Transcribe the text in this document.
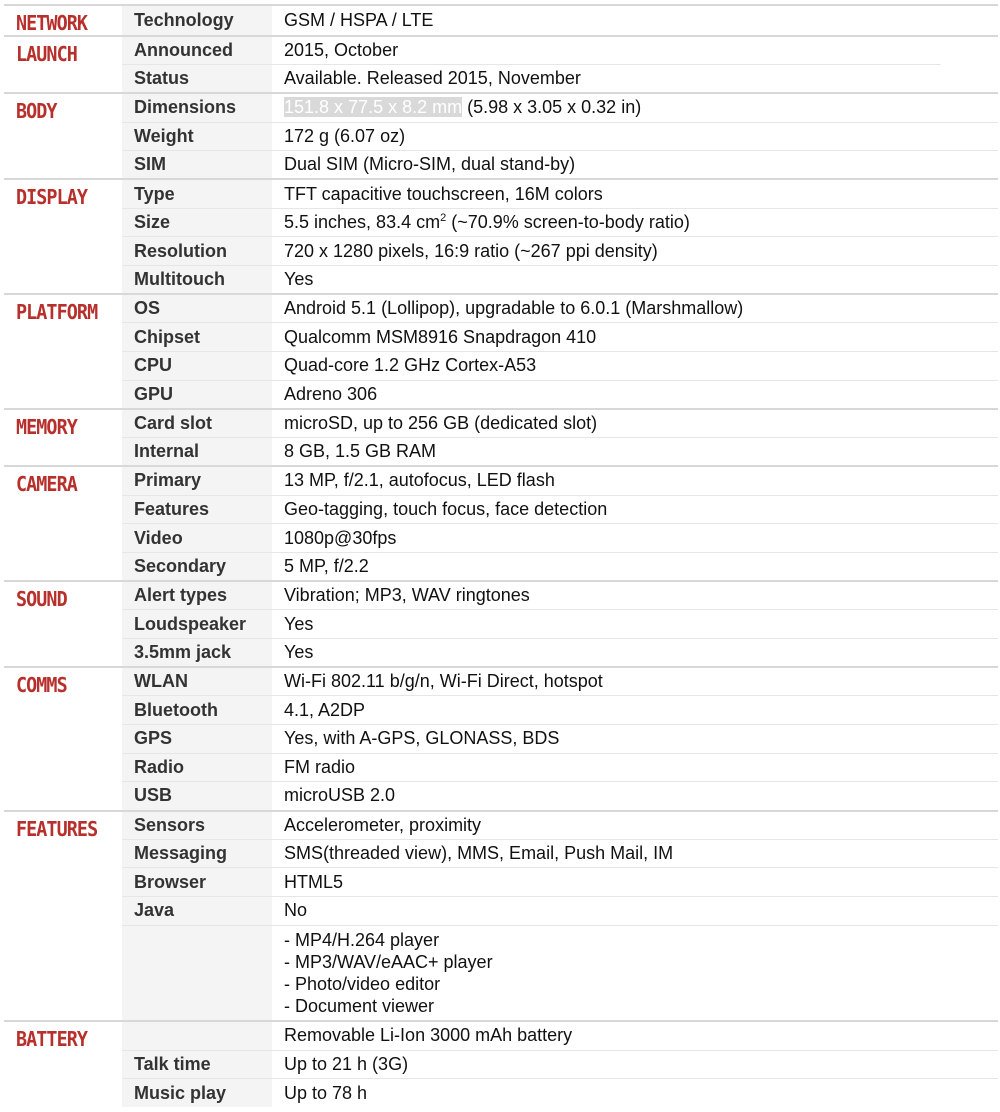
NETWORK	Technology	GSM / HSPA / LTE
LAUNCH	Announced	2015, October
	Status	Available. Released 2015, November
BODY	Dimensions	151.8 x 77.5 x 8.2 mm (5.98 x 3.05 x 0.32 in)
	Weight	172 g (6.07 oz)
	SIM	Dual SIM (Micro-SIM, dual stand-by)
DISPLAY	Type	TFT capacitive touchscreen, 16M colors
	Size	5.5 inches, 83.4 $cm^2$ (~70.9% screen-to-body ratio)
	Resolution	720 x 1280 pixels, 16:9 ratio (~267 ppi density)
	Multitouch	Yes
PLATFORM	OS	Android 5.1 (Lollipop), upgradable to 6.0.1 (Marshmallow)
	Chipset	Qualcomm MSM8916 Snapdragon 410
	CPU	Quad-core 1.2 GHz Cortex-A53
	GPU	Adreno 306
MEMORY	Card slot	microSD, up to 256 GB (dedicated slot)
	Internal	8 GB, 1.5 GB RAM
CAMERA	Primary	13 MP, f/2.1, autofocus, LED flash
	Features	Geo-tagging, touch focus, face detection
	Video	1080p@30fps
	Secondary	5 MP, f/2.2
SOUND	Alert types	Vibration; MP3, WAV ringtones
	Loudspeaker	Yes
	3.5mm jack	Yes
COMMS	WLAN	Wi-Fi 802.11 b/g/n, Wi-Fi Direct, hotspot
	Bluetooth	4.1, A2DP
	GPS	Yes, with A-GPS, GLONASS, BDS
	Radio	FM radio
	USB	microUSB 2.0
FEATURES	Sensors	Accelerometer, proximity
	Messaging	SMS(threaded view), MMS, Email, Push Mail, IM
	Browser	HTML5
	Java	No

		- MP4/H.264 player
- MP3/WAV/eAAC+ player
- Photo/video editor
- Document viewer

BATTERY		Removable Li-Ion 3000 mAh battery
	Talk time	Up to 21 h (3G)
	Music play	Up to 78 h
